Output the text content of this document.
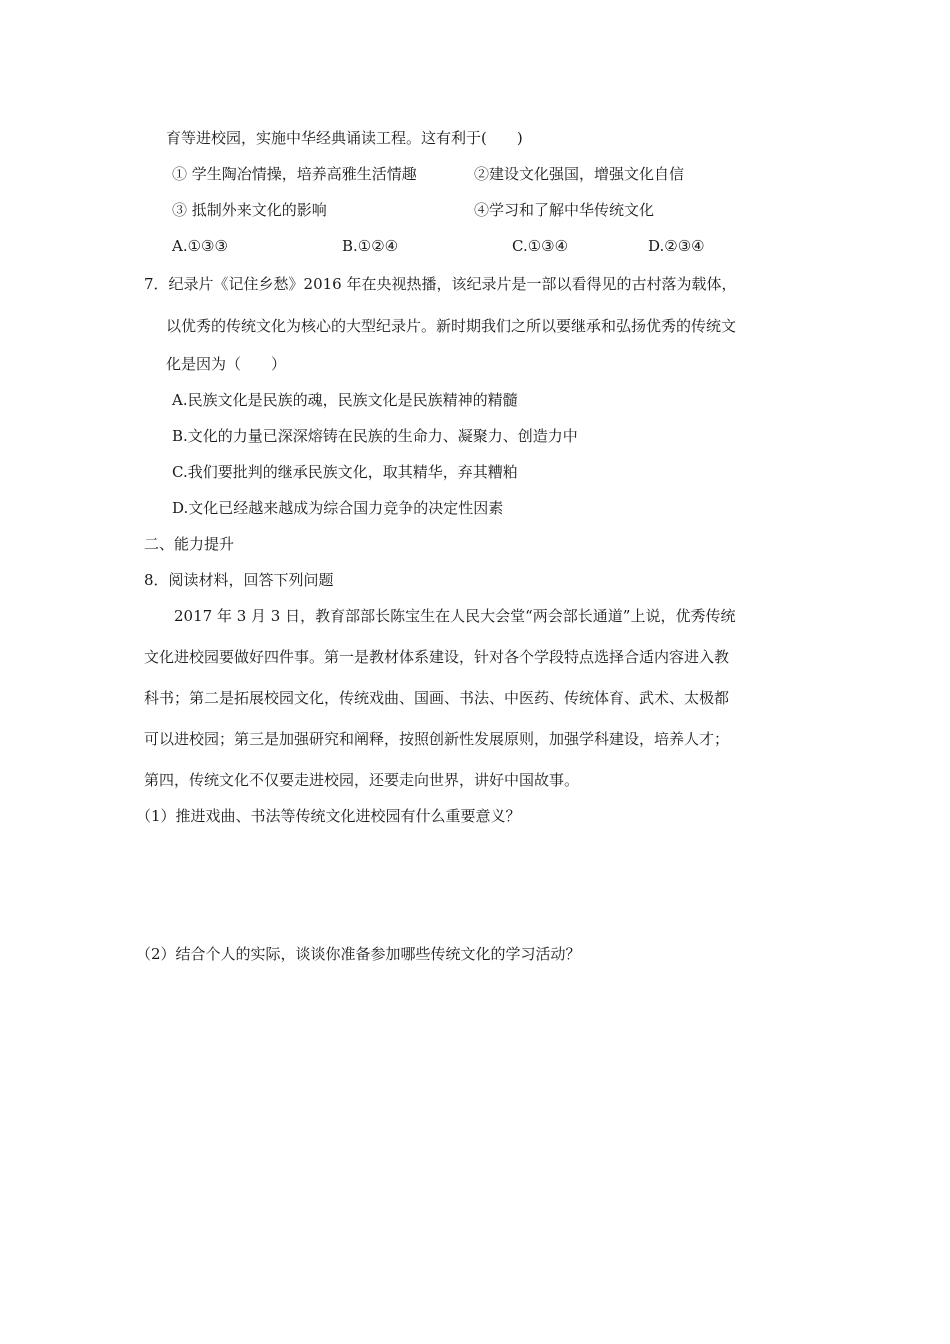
育等进校园，实施中华经典诵读工程。这有利于(　　)
① 学生陶冶情操，培养高雅生活情趣	②建设文化强国，增强文化自信
③ 抵制外来文化的影响	④学习和了解中华传统文化
A.①③③	B.①②④	C.①③④	D.②③④
7．纪录片《记住乡愁》2016 年在央视热播，该纪录片是一部以看得见的古村落为载体，
以优秀的传统文化为核心的大型纪录片。新时期我们之所以要继承和弘扬优秀的传统文
化是因为（　　）
A.民族文化是民族的魂，民族文化是民族精神的精髓
B.文化的力量已深深熔铸在民族的生命力、凝聚力、创造力中
C.我们要批判的继承民族文化，取其精华，弃其糟粕
D.文化已经越来越成为综合国力竞争的决定性因素
二、能力提升
8．阅读材料，回答下列问题
　　2017 年 3 月 3 日，教育部部长陈宝生在人民大会堂“两会部长通道”上说，优秀传统
文化进校园要做好四件事。第一是教材体系建设，针对各个学段特点选择合适内容进入教
科书；第二是拓展校园文化，传统戏曲、国画、书法、中医药、传统体育、武术、太极都
可以进校园；第三是加强研究和阐释，按照创新性发展原则，加强学科建设，培养人才；
第四，传统文化不仅要走进校园，还要走向世界，讲好中国故事。
（1）推进戏曲、书法等传统文化进校园有什么重要意义？
（2）结合个人的实际，谈谈你准备参加哪些传统文化的学习活动？
